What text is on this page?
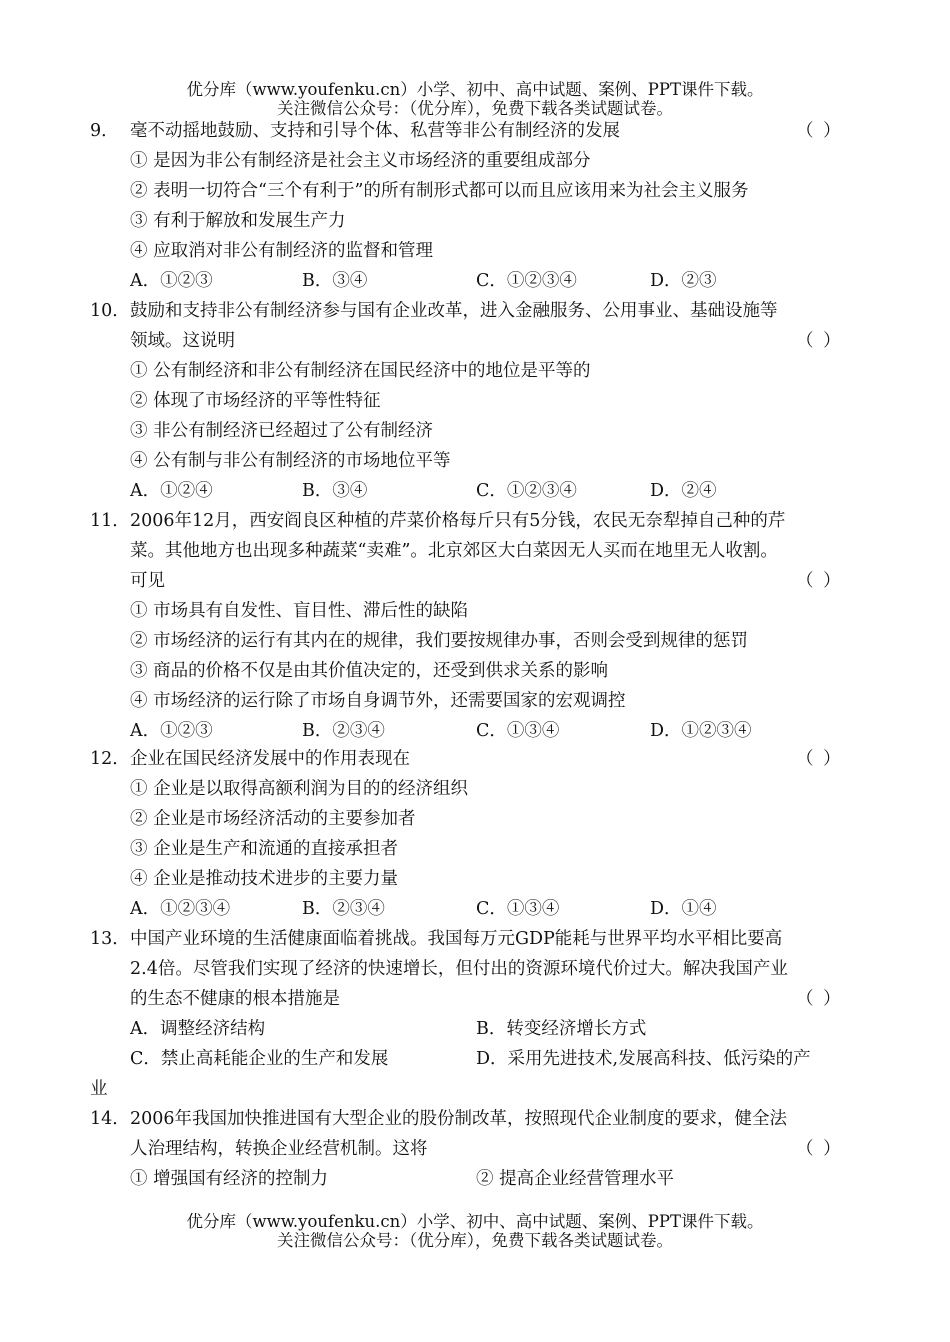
优分库（www.youfenku.cn）小学、初中、高中试题、案例、PPT课件下载。
关注微信公众号：（优分库），免费下载各类试题试卷。
9． 毫不动摇地鼓励、支持和引导个体、私营等非公有制经济的发展	（ ）
① 是因为非公有制经济是社会主义市场经济的重要组成部分
② 表明一切符合“三个有利于”的所有制形式都可以而且应该用来为社会主义服务
③ 有利于解放和发展生产力
④ 应取消对非公有制经济的监督和管理
A．①②③	B．③④	C．①②③④	D．②③
10． 鼓励和支持非公有制经济参与国有企业改革，进入金融服务、公用事业、基础设施等
领域。这说明	（ ）
① 公有制经济和非公有制经济在国民经济中的地位是平等的
② 体现了市场经济的平等性特征
③ 非公有制经济已经超过了公有制经济
④ 公有制与非公有制经济的市场地位平等
A．①②④	B．③④	C．①②③④	D．②④
11． 2006年12月，西安阎良区种植的芹菜价格每斤只有5分钱，农民无奈犁掉自己种的芹
菜。其他地方也出现多种蔬菜“卖难”。北京郊区大白菜因无人买而在地里无人收割。
可见	（ ）
① 市场具有自发性、盲目性、滞后性的缺陷
② 市场经济的运行有其内在的规律，我们要按规律办事，否则会受到规律的惩罚
③ 商品的价格不仅是由其价值决定的，还受到供求关系的影响
④ 市场经济的运行除了市场自身调节外，还需要国家的宏观调控
A．①②③	B．②③④	C．①③④	D．①②③④
12． 企业在国民经济发展中的作用表现在	（ ）
① 企业是以取得高额利润为目的的经济组织
② 企业是市场经济活动的主要参加者
③ 企业是生产和流通的直接承担者
④ 企业是推动技术进步的主要力量
A．①②③④	B．②③④	C．①③④	D．①④
13． 中国产业环境的生活健康面临着挑战。我国每万元GDP能耗与世界平均水平相比要高
2.4倍。尽管我们实现了经济的快速增长，但付出的资源环境代价过大。解决我国产业
的生态不健康的根本措施是	（ ）
A．调整经济结构	B．转变经济增长方式
C．禁止高耗能企业的生产和发展	D．采用先进技术,发展高科技、低污染的产
业
14． 2006年我国加快推进国有大型企业的股份制改革，按照现代企业制度的要求，健全法
人治理结构，转换企业经营机制。这将	（ ）
① 增强国有经济的控制力	② 提高企业经营管理水平
优分库（www.youfenku.cn）小学、初中、高中试题、案例、PPT课件下载。
关注微信公众号：（优分库），免费下载各类试题试卷。
